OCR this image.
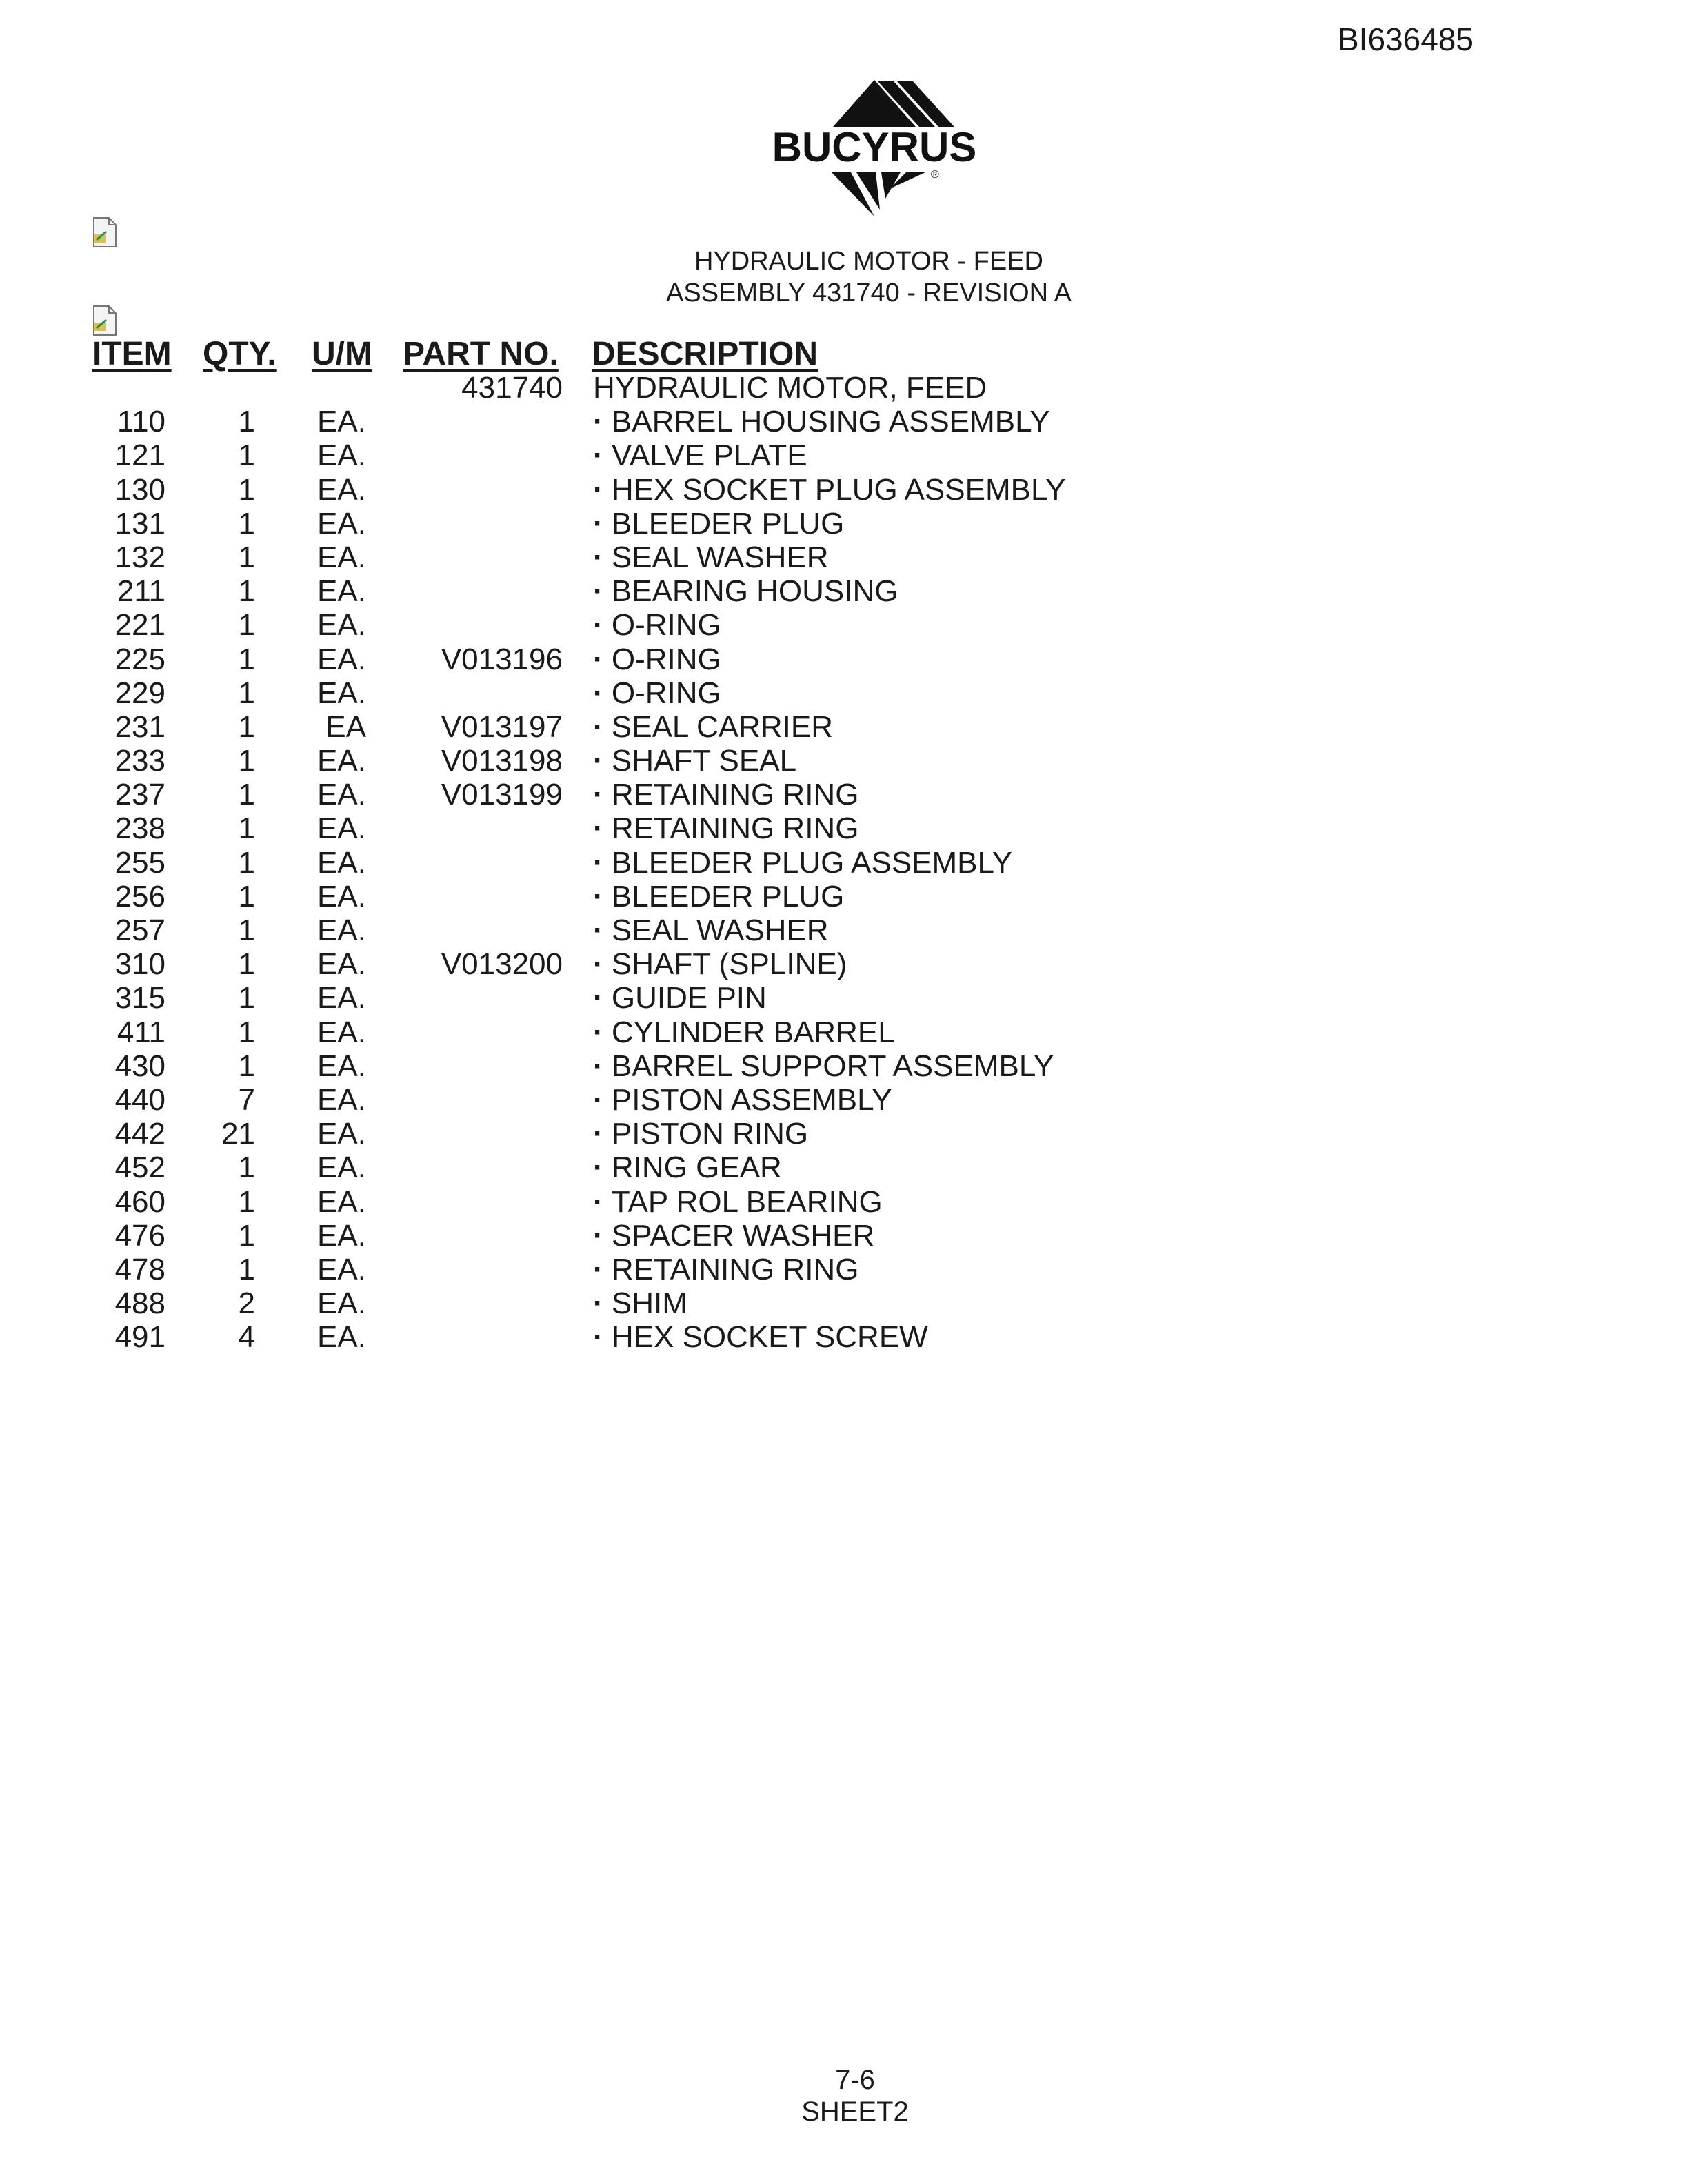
BI636485
BUCYRUS
®
HYDRAULIC MOTOR - FEED
ASSEMBLY 431740 - REVISION A
ITEM QTY. U/M PART NO. DESCRIPTION
431740 HYDRAULIC MOTOR, FEED
110	1 EA.	· BARREL HOUSING ASSEMBLY
121	1 EA.	· VALVE PLATE
130	1 EA.	· HEX SOCKET PLUG ASSEMBLY
131	1 EA.	· BLEEDER PLUG
132	1 EA.	· SEAL WASHER
211	1 EA.	· BEARING HOUSING
221	1 EA.	· O-RING
225	1 EA.	V013196	· O-RING
229	1 EA.	· O-RING
231	1 EA	V013197	· SEAL CARRIER
233	1 EA.	V013198	· SHAFT SEAL
237	1 EA.	V013199	· RETAINING RING
238	1 EA.	· RETAINING RING
255	1 EA.	· BLEEDER PLUG ASSEMBLY
256	1 EA.	· BLEEDER PLUG
257	1 EA.	· SEAL WASHER
310	1 EA.	V013200	· SHAFT (SPLINE)
315	1 EA.	· GUIDE PIN
411	1 EA.	· CYLINDER BARREL
430	1 EA.	· BARREL SUPPORT ASSEMBLY
440	7 EA.	· PISTON ASSEMBLY
442	21 EA.	· PISTON RING
452	1 EA.	· RING GEAR
460	1 EA.	· TAP ROL BEARING
476	1 EA.	· SPACER WASHER
478	1 EA.	· RETAINING RING
488	2 EA.	· SHIM
491	4 EA.	· HEX SOCKET SCREW
7-6
SHEET2
